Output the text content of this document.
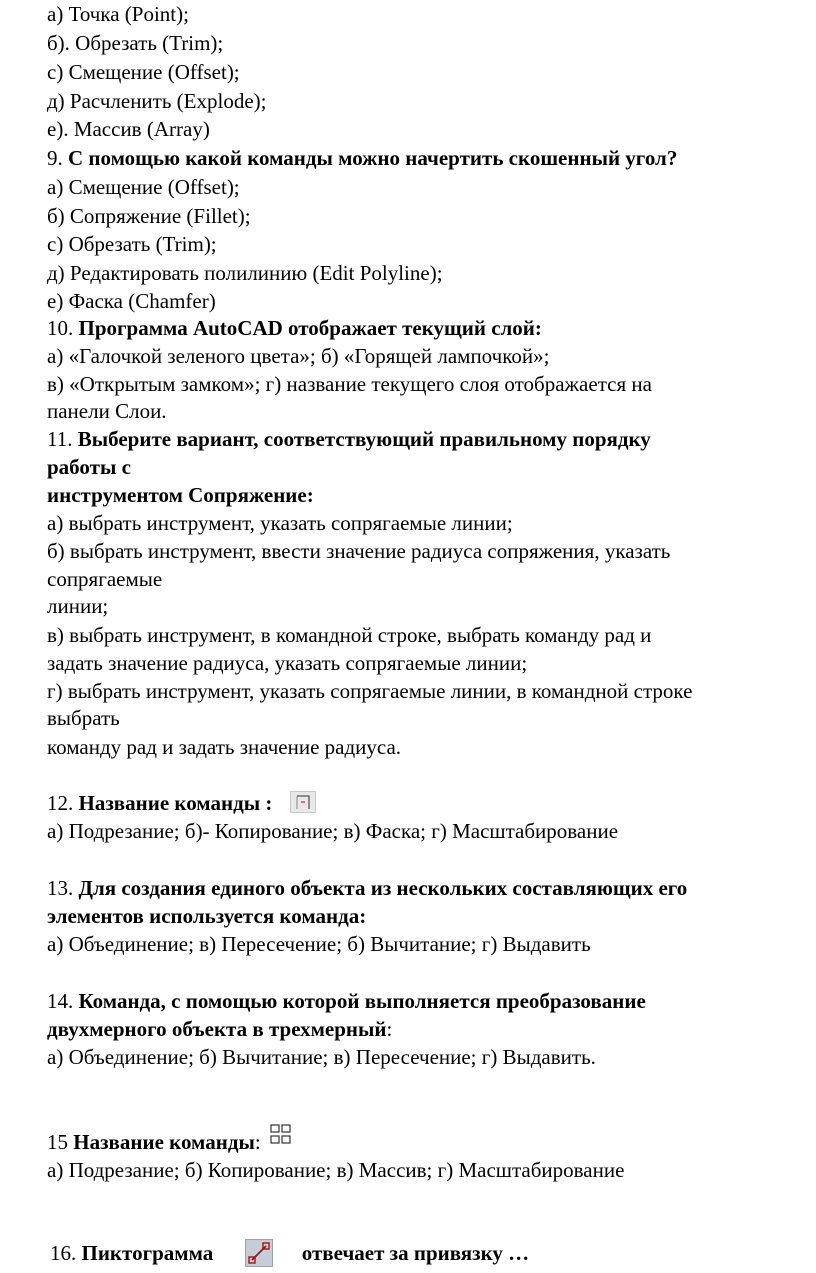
а) Точка (Point);
б). Обрезать (Trim);
с) Смещение (Offset);
д) Расчленить (Explode);
е). Массив (Array)
9. С помощью какой команды можно начертить скошенный угол?
а) Смещение (Offset);
б) Сопряжение (Fillet);
с) Обрезать (Trim);
д) Редактировать полилинию (Edit Polyline);
е) Фаска (Chamfer)
10. Программа AutoCAD отображает текущий слой:
а) «Галочкой зеленого цвета»; б) «Горящей лампочкой»;
в) «Открытым замком»; г) название текущего слоя отображается на
панели Слои.
11. Выберите вариант, соответствующий правильному порядку
работы с
инструментом Сопряжение:
а) выбрать инструмент, указать сопрягаемые линии;
б) выбрать инструмент, ввести значение радиуса сопряжения, указать
сопрягаемые
линии;
в) выбрать инструмент, в командной строке, выбрать команду рад и
задать значение радиуса, указать сопрягаемые линии;
г) выбрать инструмент, указать сопрягаемые линии, в командной строке
выбрать
команду рад и задать значение радиуса.
12. Название команды :
а) Подрезание; б)- Копирование; в) Фаска; г) Масштабирование
13. Для создания единого объекта из нескольких составляющих его
элементов используется команда:
а) Объединение; в) Пересечение; б) Вычитание; г) Выдавить
14. Команда, с помощью которой выполняется преобразование
двухмерного объекта в трехмерный:
а) Объединение; б) Вычитание; в) Пересечение; г) Выдавить.
15 Название команды:
а) Подрезание; б) Копирование; в) Массив; г) Масштабирование
16. Пиктограмма	отвечает за привязку …
